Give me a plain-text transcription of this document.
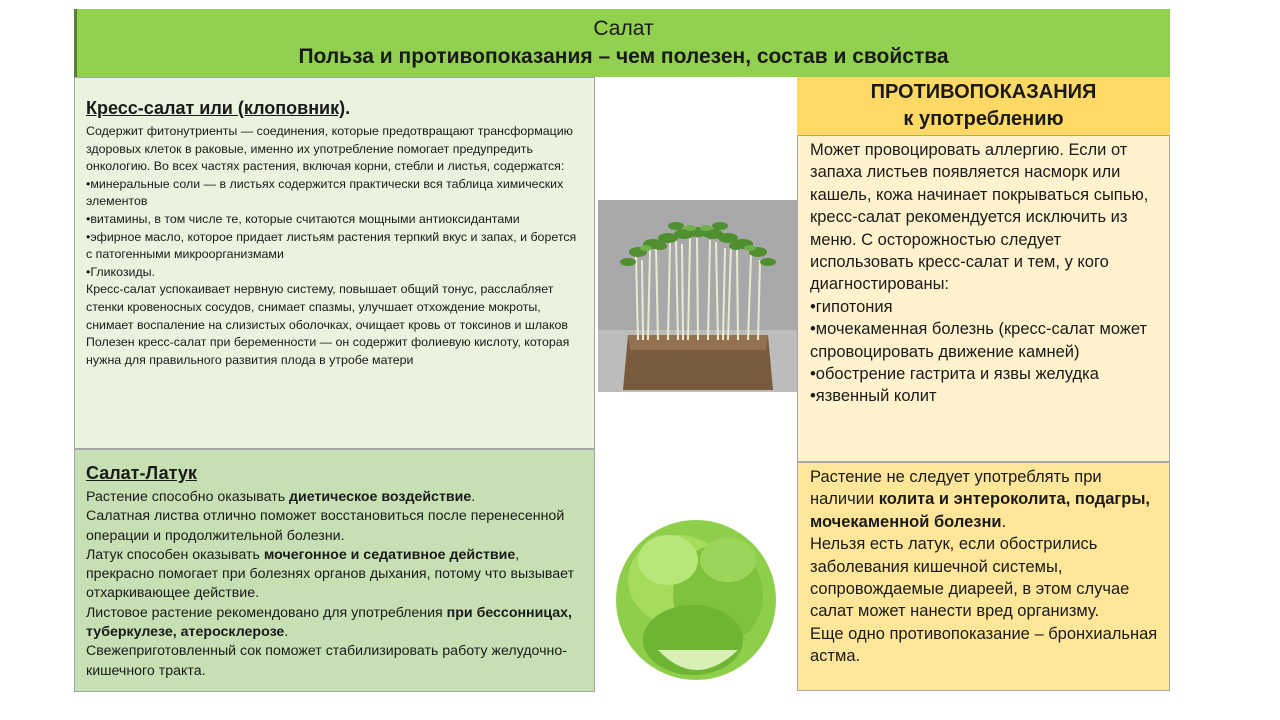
Салат
Польза и противопоказания – чем полезен, состав и свойства
Кресс-салат или (клоповник).
Содержит фитонутриенты — соединения, которые предотвращают трансформацию здоровых клеток в раковые, именно их употребление помогает предупредить онкологию. Во всех частях растения, включая корни, стебли и листья, содержатся:
•минеральные соли — в листьях содержится практически вся таблица химических элементов
•витамины, в том числе те, которые считаются мощными антиоксидантами
•эфирное масло, которое придает листьям растения терпкий вкус и запах, и борется с патогенными микроорганизмами
•Гликозиды.
Кресс-салат успокаивает нервную систему, повышает общий тонус, расслабляет стенки кровеносных сосудов, снимает спазмы, улучшает отхождение мокроты, снимает воспаление на слизистых оболочках, очищает кровь от токсинов и шлаков
Полезен кресс-салат при беременности — он содержит фолиевую кислоту, которая нужна для правильного развития плода в утробе матери
Салат-Латук
Растение способно оказывать диетическое воздействие.
Салатная листва отлично поможет восстановиться после перенесенной операции и продолжительной болезни.
Латук способен оказывать мочегонное и седативное действие, прекрасно помогает при болезнях органов дыхания, потому что вызывает отхаркивающее действие.
Листовое растение рекомендовано для употребления при бессонницах, туберкулезе, атеросклерозе.
Свежеприготовленный сок поможет стабилизировать работу желудочно-кишечного тракта.
ПРОТИВОПОКАЗАНИЯ
к употреблению
Может провоцировать аллергию. Если от запаха листьев появляется насморк или кашель, кожа начинает покрываться сыпью, кресс-салат рекомендуется исключить из меню. С осторожностью следует использовать кресс-салат и тем, у кого диагностированы:
•гипотония
•мочекаменная болезнь (кресс-салат может спровоцировать движение камней)
•обострение гастрита и язвы желудка
•язвенный колит
Растение не следует употреблять при наличии колита и энтероколита, подагры, мочекаменной болезни.
Нельзя есть латук, если обострились заболевания кишечной системы, сопровождаемые диареей, в этом случае салат может нанести вред организму.
Еще одно противопоказание – бронхиальная астма.
